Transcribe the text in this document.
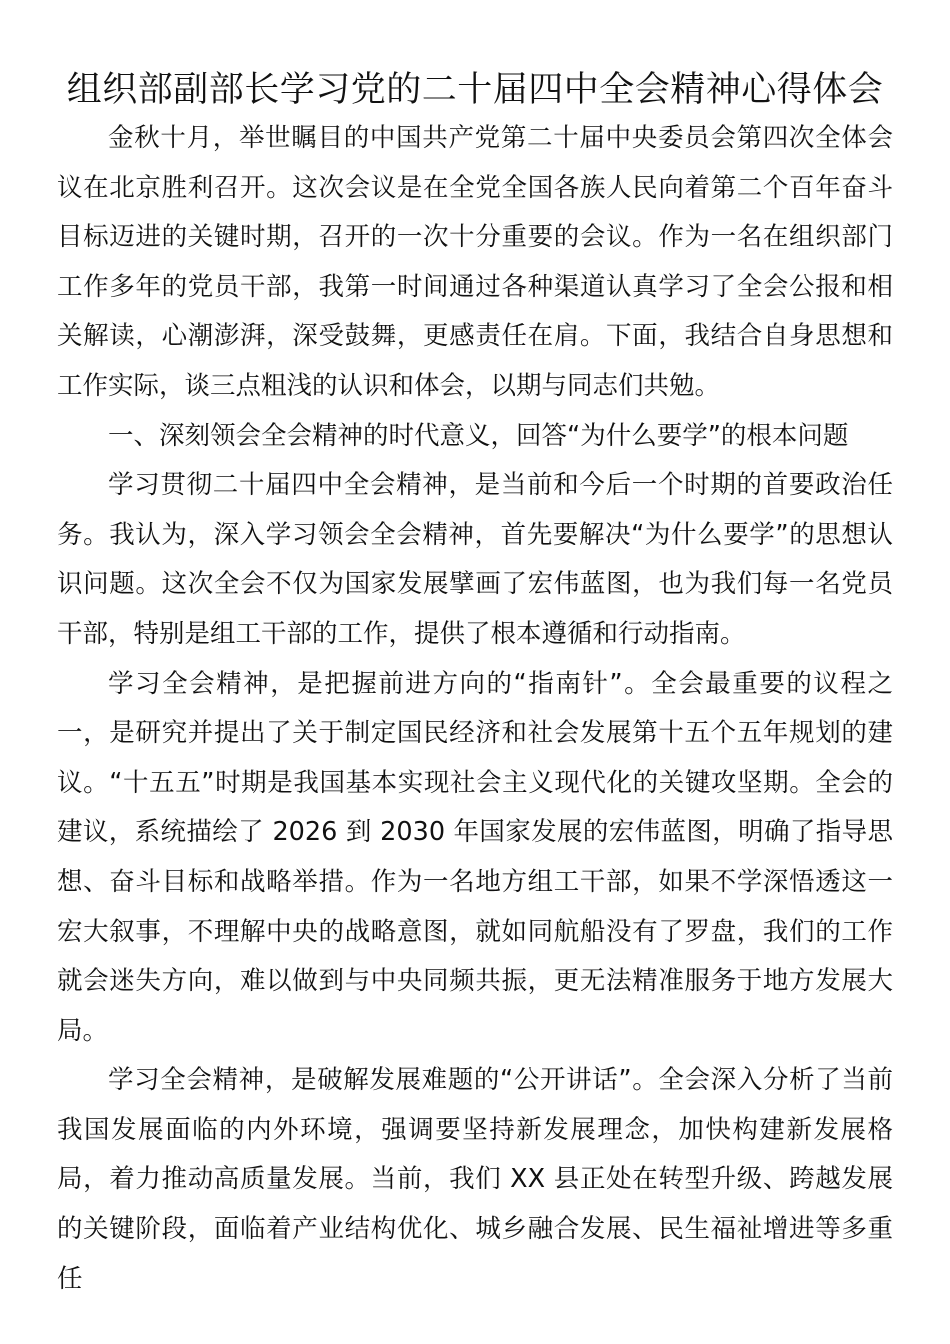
组织部副部长学习党的二十届四中全会精神心得体会

金秋十月，举世瞩目的中国共产党第二十届中央委员会第四次全体会议在北京胜利召开。这次会议是在全党全国各族人民向着第二个百年奋斗目标迈进的关键时期，召开的一次十分重要的会议。作为一名在组织部门工作多年的党员干部，我第一时间通过各种渠道认真学习了全会公报和相关解读，心潮澎湃，深受鼓舞，更感责任在肩。下面，我结合自身思想和工作实际，谈三点粗浅的认识和体会，以期与同志们共勉。

一、深刻领会全会精神的时代意义，回答“为什么要学”的根本问题

学习贯彻二十届四中全会精神，是当前和今后一个时期的首要政治任务。我认为，深入学习领会全会精神，首先要解决“为什么要学”的思想认识问题。这次全会不仅为国家发展擘画了宏伟蓝图，也为我们每一名党员干部，特别是组工干部的工作，提供了根本遵循和行动指南。

学习全会精神，是把握前进方向的“指南针”。全会最重要的议程之一，是研究并提出了关于制定国民经济和社会发展第十五个五年规划的建议。“十五五”时期是我国基本实现社会主义现代化的关键攻坚期。全会的建议，系统描绘了 2026 到 2030 年国家发展的宏伟蓝图，明确了指导思想、奋斗目标和战略举措。作为一名地方组工干部，如果不学深悟透这一宏大叙事，不理解中央的战略意图，就如同航船没有了罗盘，我们的工作就会迷失方向，难以做到与中央同频共振，更无法精准服务于地方发展大局。

学习全会精神，是破解发展难题的“公开讲话”。全会深入分析了当前我国发展面临的内外环境，强调要坚持新发展理念，加快构建新发展格局，着力推动高质量发展。当前，我们 XX 县正处在转型升级、跨越发展的关键阶段，面临着产业结构优化、城乡融合发展、民生福祉增进等多重任
